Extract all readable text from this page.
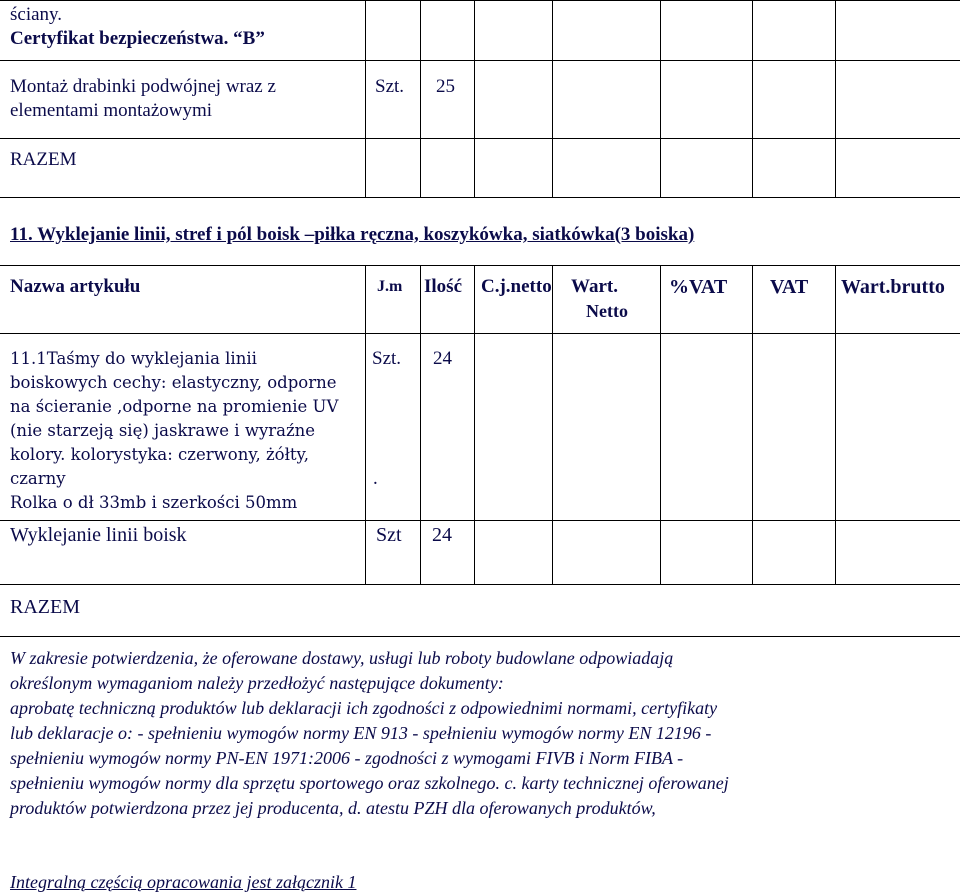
ściany.
Certyfikat bezpieczeństwa. “B”
Montaż drabinki podwójnej wraz z
elementami montażowymi
Szt. 25
RAZEM
11. Wyklejanie linii, stref i pól boisk –piłka ręczna, koszykówka, siatkówka(3 boiska)
Nazwa artykułu	J.m Ilość C.j.netto Wart.
Netto
%VAT VAT Wart.brutto
11.1Taśmy do wyklejania linii
boiskowych cechy: elastyczny, odporne
na ścieranie ,odporne na promienie UV
(nie starzeją się) jaskrawe i wyraźne
kolory. kolorystyka: czerwony, żółty,
czarny
Rolka o dł 33mb i szerkości 50mm
Szt. 24
.
Wyklejanie linii boisk	Szt 24
RAZEM
W zakresie potwierdzenia, że oferowane dostawy, usługi lub roboty budowlane odpowiadają
określonym wymaganiom należy przedłożyć następujące dokumenty:
aprobatę techniczną produktów lub deklaracji ich zgodności z odpowiednimi normami, certyfikaty
lub deklaracje o: - spełnieniu wymogów normy EN 913 - spełnieniu wymogów normy EN 12196 -
spełnieniu wymogów normy PN-EN 1971:2006 - zgodności z wymogami FIVB i Norm FIBA -
spełnieniu wymogów normy dla sprzętu sportowego oraz szkolnego. c. karty technicznej oferowanej
produktów potwierdzona przez jej producenta, d. atestu PZH dla oferowanych produktów,
Integralną częścią opracowania jest załącznik 1
